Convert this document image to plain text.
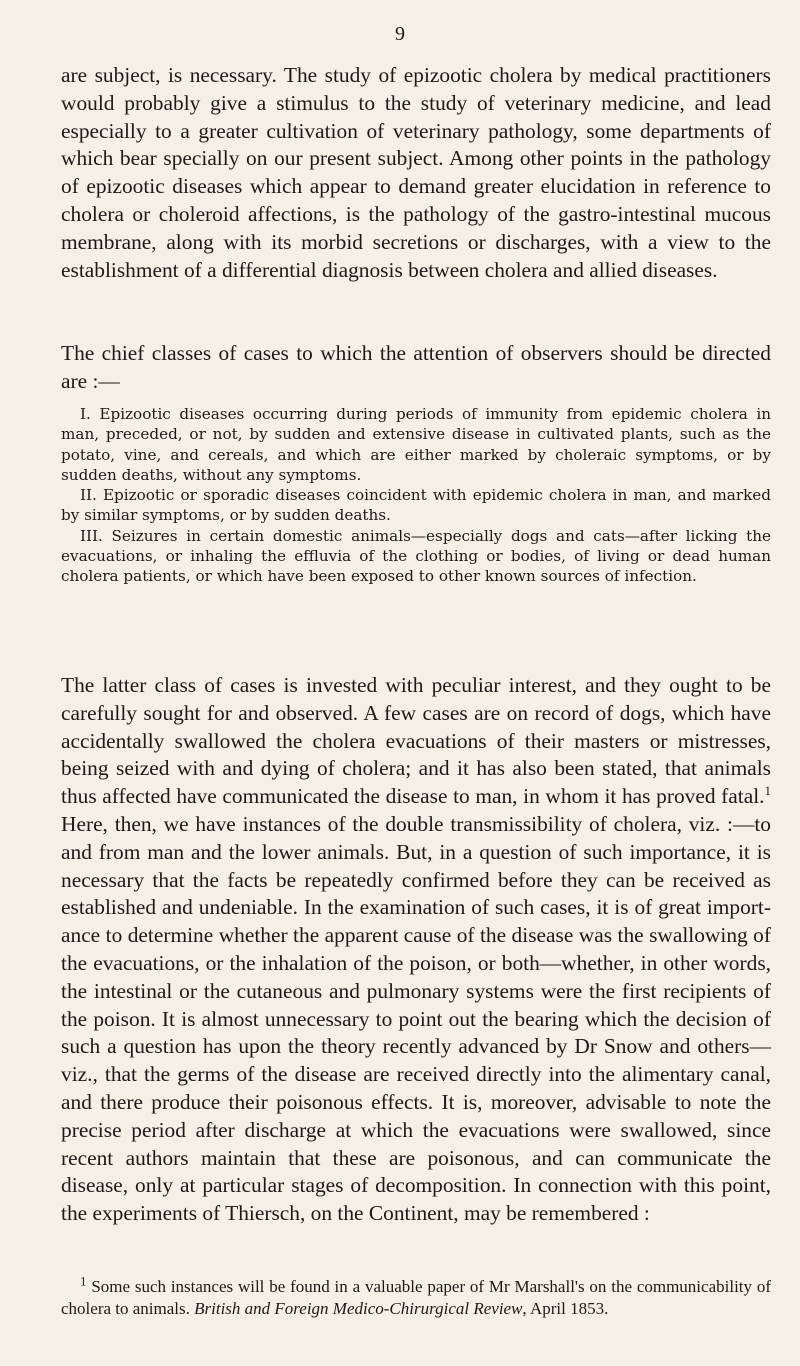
9

are subject, is necessary. The study of epizootic cholera by medical practitioners would probably give a stimulus to the study of veterinary medicine, and lead especially to a greater cultivation of veterinary pathology, some departments of which bear specially on our present subject. Among other points in the pathology of epizootic diseases which appear to demand greater elucidation in reference to cholera or choleroid affections, is the pathology of the gastro-intestinal mucous membrane, along with its morbid secretions or discharges, with a view to the establishment of a differential diagnosis between cholera and allied diseases.

The chief classes of cases to which the attention of observers should be directed are :—

I. Epizootic diseases occurring during periods of immunity from epidemic cholera in man, preceded, or not, by sudden and extensive disease in cultivated plants, such as the potato, vine, and cereals, and which are either marked by choleraic symptoms, or by sudden deaths, without any symptoms.

II. Epizootic or sporadic diseases coincident with epidemic cholera in man, and marked by similar symptoms, or by sudden deaths.

III. Seizures in certain domestic animals—especially dogs and cats—after licking the evacuations, or inhaling the effluvia of the clothing or bodies, of living or dead human cholera patients, or which have been exposed to other known sources of infection.

The latter class of cases is invested with peculiar interest, and they ought to be carefully sought for and observed. A few cases are on record of dogs, which have accidentally swallowed the cholera evacuations of their masters or mistresses, being seized with and dying of cholera; and it has also been stated, that animals thus affected have communicated the disease to man, in whom it has proved fatal.$^1$ Here, then, we have instances of the double transmissibility of cholera, viz. :—to and from man and the lower animals. But, in a question of such importance, it is necessary that the facts be repeatedly confirmed before they can be received as established and undeniable. In the examination of such cases, it is of great importance to determine whether the apparent cause of the disease was the swallowing of the evacuations, or the inhalation of the poison, or both—whether, in other words, the intestinal or the cutaneous and pulmonary systems were the first recipients of the poison. It is almost unnecessary to point out the bearing which the decision of such a question has upon the theory recently advanced by Dr Snow and others—viz., that the germs of the disease are received directly into the alimentary canal, and there produce their poisonous effects. It is, moreover, advisable to note the precise period after discharge at which the evacuations were swallowed, since recent authors maintain that these are poisonous, and can communicate the disease, only at particular stages of decomposition. In connection with this point, the experiments of Thiersch, on the Continent, may be remembered :

$^1$ Some such instances will be found in a valuable paper of Mr Marshall's on the communicability of cholera to animals. British and Foreign Medico-Chirurgical Review, April 1853.
